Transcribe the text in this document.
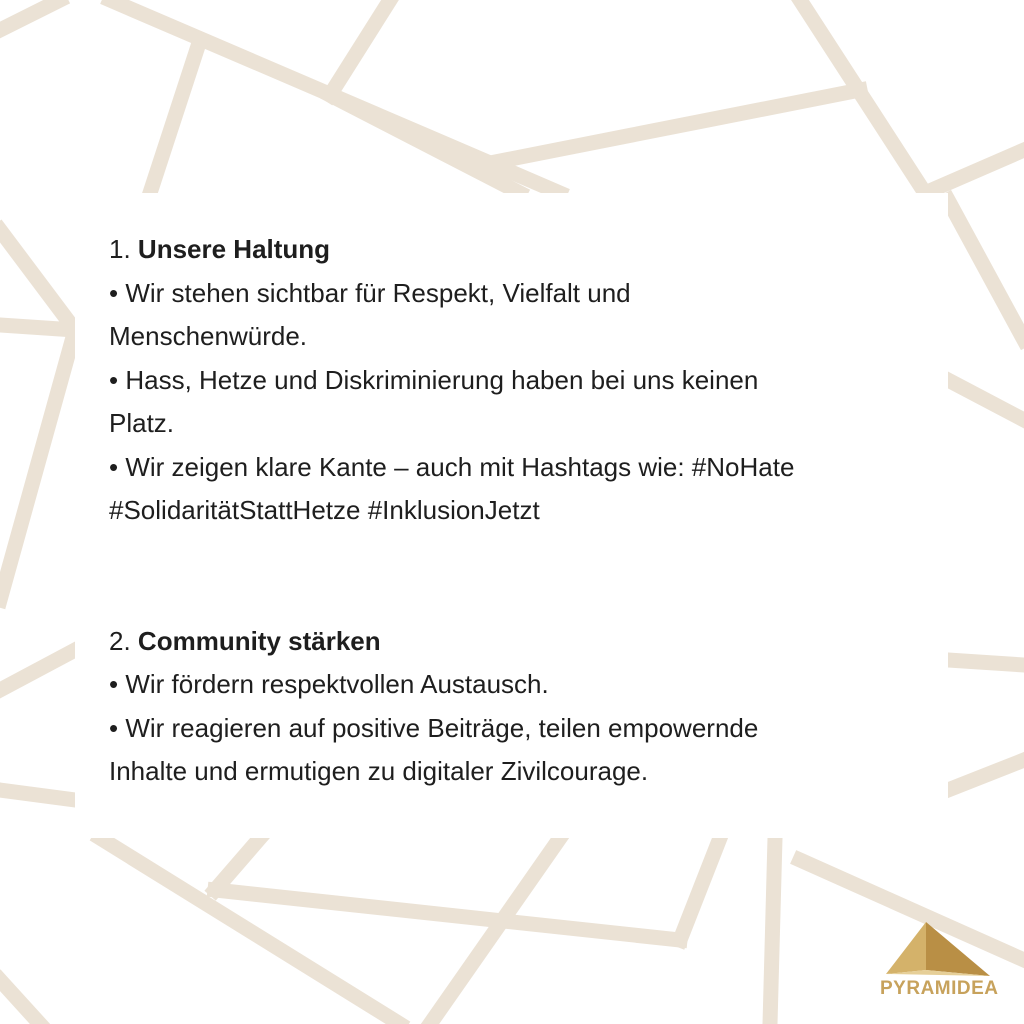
1. Unsere Haltung

• Wir stehen sichtbar für Respekt, Vielfalt und

Menschenwürde.

• Hass, Hetze und Diskriminierung haben bei uns keinen

Platz.

• Wir zeigen klare Kante – auch mit Hashtags wie: #NoHate

#SolidaritätStattHetze #InklusionJetzt

2. Community stärken

• Wir fördern respektvollen Austausch.

• Wir reagieren auf positive Beiträge, teilen empowernde

Inhalte und ermutigen zu digitaler Zivilcourage.

PYRAMIDEA
